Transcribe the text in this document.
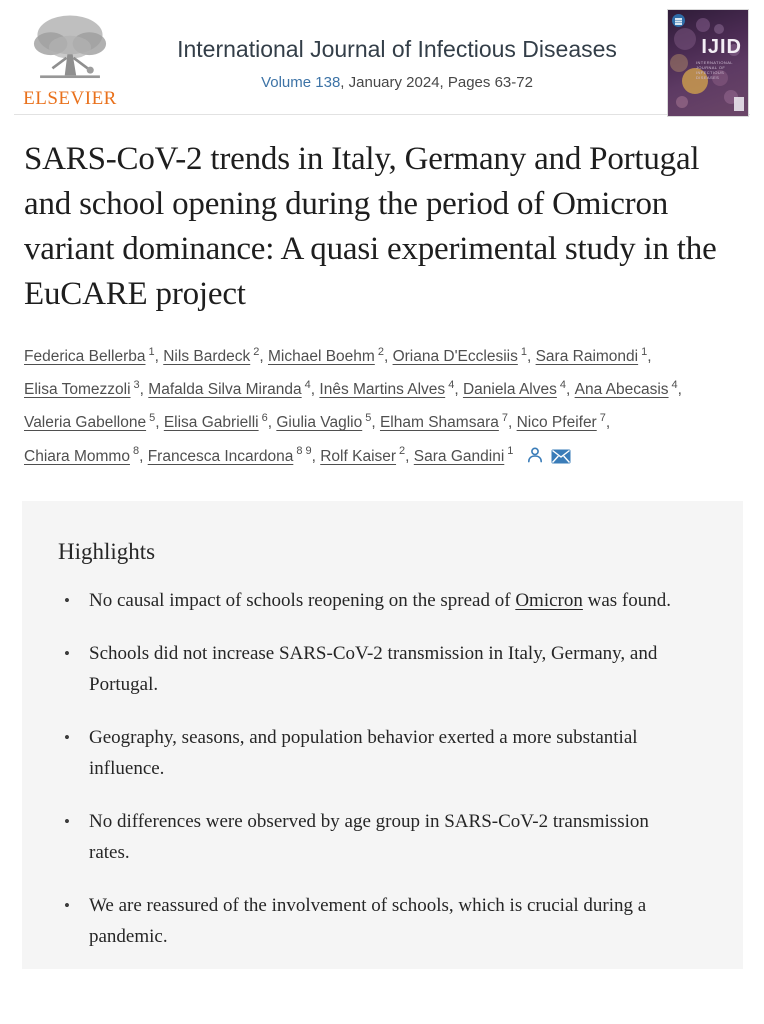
ELSEVIER
International Journal of Infectious Diseases
Volume 138, January 2024, Pages 63-72
IJID
INTERNATIONAL JOURNAL OF INFECTIOUS DISEASES
SARS-CoV-2 trends in Italy, Germany and Portugal and school opening during the period of Omicron variant dominance: A quasi experimental study in the EuCARE project
Federica Bellerba $^1$ , Nils Bardeck $^2$ , Michael Boehm $^2$ , Oriana D'Ecclesiis $^1$ , Sara Raimondi $^1$ , Elisa Tomezzoli $^3$ , Mafalda Silva Miranda $^4$ , Inês Martins Alves $^4$ , Daniela Alves $^4$ , Ana Abecasis $^4$ , Valeria Gabellone $^5$ , Elisa Gabrielli $^6$ , Giulia Vaglio $^5$ , Elham Shamsara $^7$ , Nico Pfeifer $^7$ , Chiara Mommo $^8$ , Francesca Incardona $^{8 9}$ , Rolf Kaiser $^2$ , Sara Gandini $^1$
Highlights
• No causal impact of schools reopening on the spread of Omicron was found.
• Schools did not increase SARS-CoV-2 transmission in Italy, Germany, and Portugal.
• Geography, seasons, and population behavior exerted a more substantial influence.
• No differences were observed by age group in SARS-CoV-2 transmission rates.
• We are reassured of the involvement of schools, which is crucial during a pandemic.
